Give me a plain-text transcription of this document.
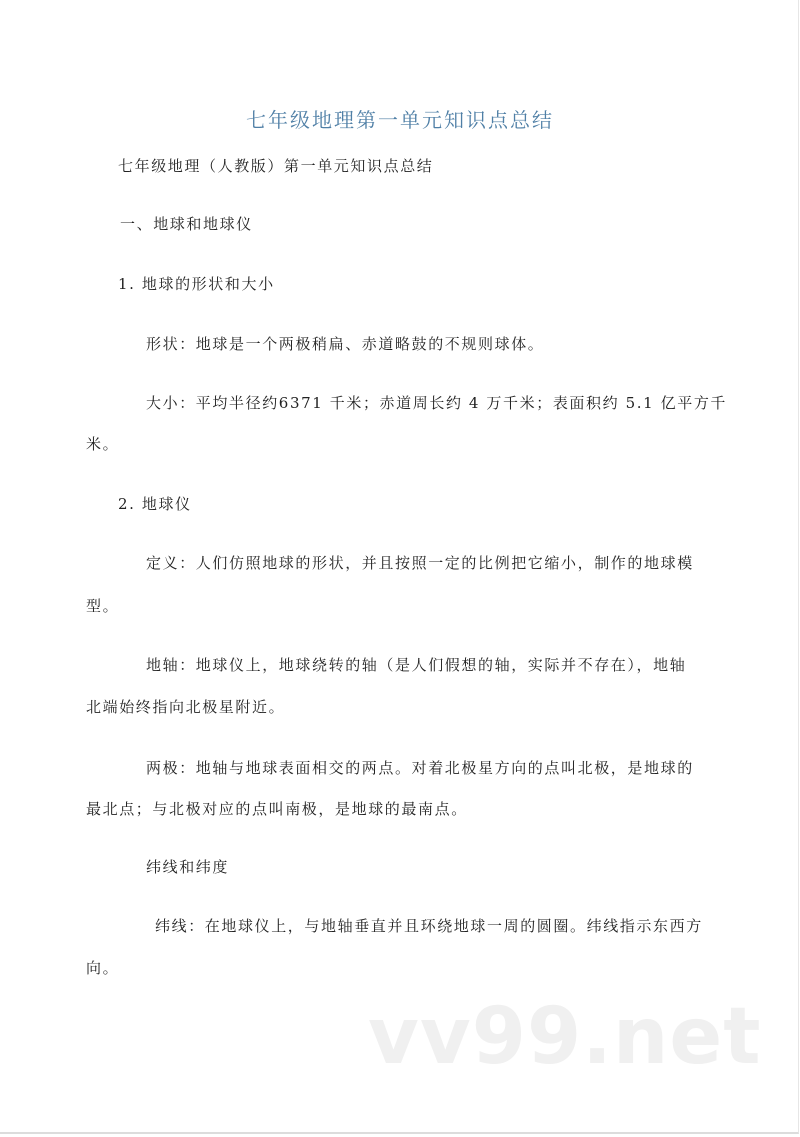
七年级地理第一单元知识点总结
七年级地理（人教版）第一单元知识点总结
一、地球和地球仪
1. 地球的形状和大小
形状：地球是一个两极稍扁、赤道略鼓的不规则球体。
大小：平均半径约6371 千米；赤道周长约 4 万千米；表面积约 5.1 亿平方千
米。
2. 地球仪
定义：人们仿照地球的形状，并且按照一定的比例把它缩小，制作的地球模
型。
地轴：地球仪上，地球绕转的轴（是人们假想的轴，实际并不存在），地轴
北端始终指向北极星附近。
两极：地轴与地球表面相交的两点。对着北极星方向的点叫北极，是地球的
最北点；与北极对应的点叫南极，是地球的最南点。
纬线和纬度
纬线：在地球仪上，与地轴垂直并且环绕地球一周的圆圈。纬线指示东西方
向。
vv99.net
